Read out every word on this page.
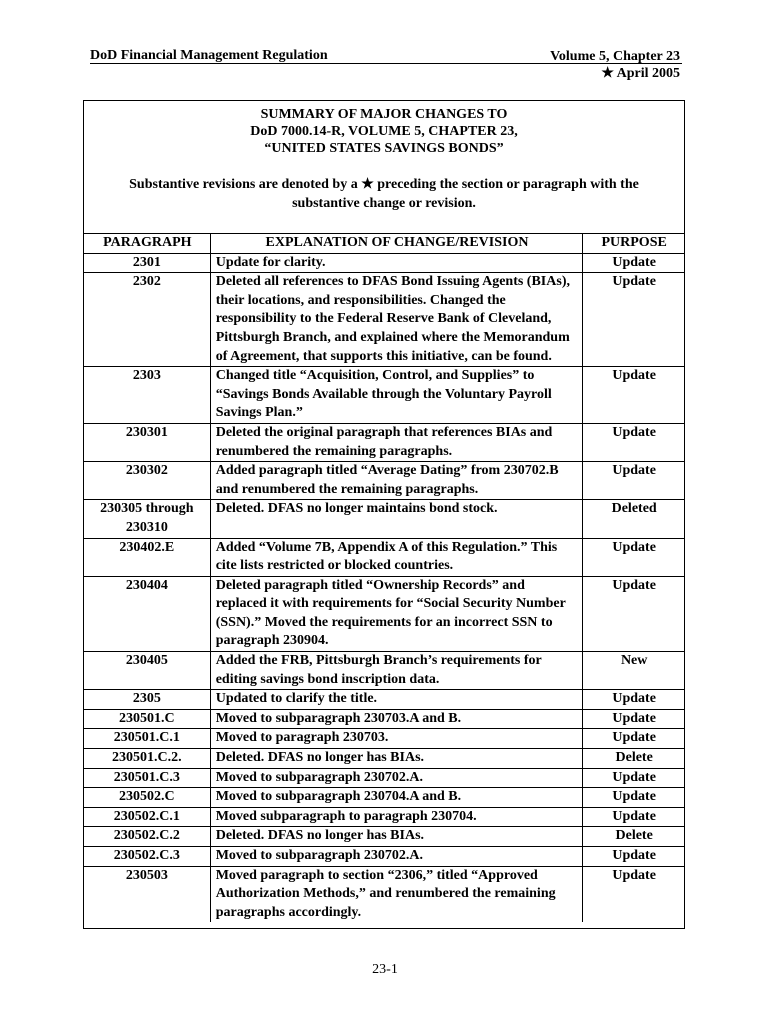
DoD Financial Management Regulation	Volume 5, Chapter 23
★ April 2005
SUMMARY OF MAJOR CHANGES TO
DoD 7000.14-R, VOLUME 5, CHAPTER 23,
“UNITED STATES SAVINGS BONDS”
Substantive revisions are denoted by a ★ preceding the section or paragraph with the substantive change or revision.
PARAGRAPH	EXPLANATION OF CHANGE/REVISION	PURPOSE
2301	Update for clarity.	Update
2302	Deleted all references to DFAS Bond Issuing Agents (BIAs), their locations, and responsibilities. Changed the responsibility to the Federal Reserve Bank of Cleveland, Pittsburgh Branch, and explained where the Memorandum of Agreement, that supports this initiative, can be found.	Update
2303	Changed title “Acquisition, Control, and Supplies” to “Savings Bonds Available through the Voluntary Payroll Savings Plan.”	Update
230301	Deleted the original paragraph that references BIAs and renumbered the remaining paragraphs.	Update
230302	Added paragraph titled “Average Dating” from 230702.B and renumbered the remaining paragraphs.	Update
230305 through 230310	Deleted. DFAS no longer maintains bond stock.	Deleted
230402.E	Added “Volume 7B, Appendix A of this Regulation.” This cite lists restricted or blocked countries.	Update
230404	Deleted paragraph titled “Ownership Records” and replaced it with requirements for “Social Security Number (SSN).” Moved the requirements for an incorrect SSN to paragraph 230904.	Update
230405	Added the FRB, Pittsburgh Branch’s requirements for editing savings bond inscription data.	New
2305	Updated to clarify the title.	Update
230501.C	Moved to subparagraph 230703.A and B.	Update
230501.C.1	Moved to paragraph 230703.	Update
230501.C.2.	Deleted. DFAS no longer has BIAs.	Delete
230501.C.3	Moved to subparagraph 230702.A.	Update
230502.C	Moved to subparagraph 230704.A and B.	Update
230502.C.1	Moved subparagraph to paragraph 230704.	Update
230502.C.2	Deleted. DFAS no longer has BIAs.	Delete
230502.C.3	Moved to subparagraph 230702.A.	Update
230503	Moved paragraph to section “2306,” titled “Approved Authorization Methods,” and renumbered the remaining paragraphs accordingly.	Update
23-1
